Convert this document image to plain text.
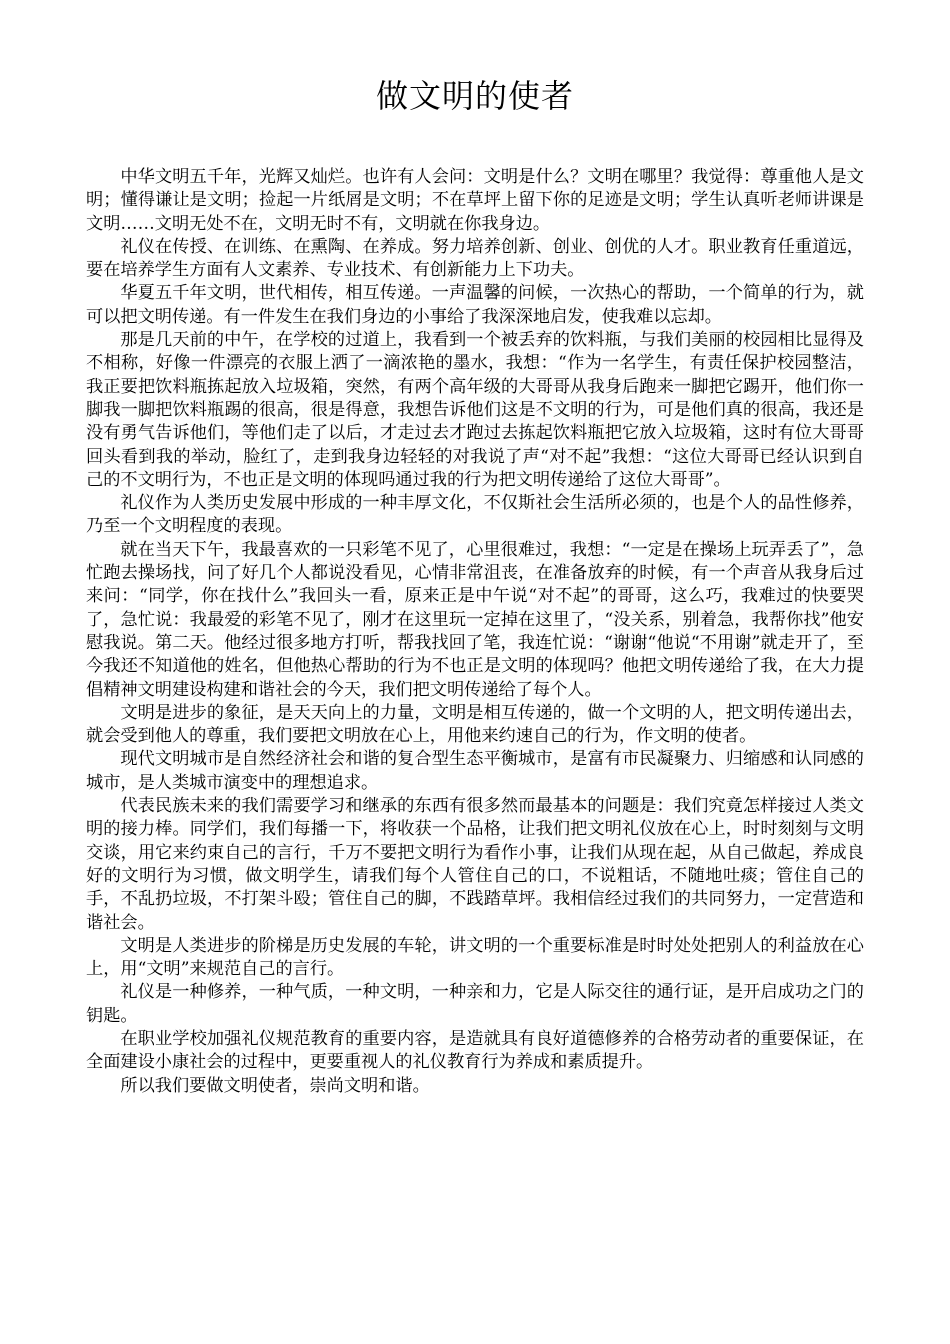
做文明的使者

中华文明五千年，光辉又灿烂。也许有人会问：文明是什么？文明在哪里？我觉得：尊重他人是文明；懂得谦让是文明；捡起一片纸屑是文明；不在草坪上留下你的足迹是文明；学生认真听老师讲课是文明……文明无处不在，文明无时不有，文明就在你我身边。

礼仪在传授、在训练、在熏陶、在养成。努力培养创新、创业、创优的人才。职业教育任重道远，要在培养学生方面有人文素养、专业技术、有创新能力上下功夫。

华夏五千年文明，世代相传，相互传递。一声温馨的问候，一次热心的帮助，一个简单的行为，就可以把文明传递。有一件发生在我们身边的小事给了我深深地启发，使我难以忘却。

那是几天前的中午，在学校的过道上，我看到一个被丢弃的饮料瓶，与我们美丽的校园相比显得及不相称，好像一件漂亮的衣服上洒了一滴浓艳的墨水，我想：“作为一名学生，有责任保护校园整洁，我正要把饮料瓶拣起放入垃圾箱，突然，有两个高年级的大哥哥从我身后跑来一脚把它踢开，他们你一脚我一脚把饮料瓶踢的很高，很是得意，我想告诉他们这是不文明的行为，可是他们真的很高，我还是没有勇气告诉他们，等他们走了以后，才走过去才跑过去拣起饮料瓶把它放入垃圾箱，这时有位大哥哥回头看到我的举动，脸红了，走到我身边轻轻的对我说了声“对不起”我想：“这位大哥哥已经认识到自己的不文明行为，不也正是文明的体现吗通过我的行为把文明传递给了这位大哥哥”。

礼仪作为人类历史发展中形成的一种丰厚文化，不仅斯社会生活所必须的，也是个人的品性修养，乃至一个文明程度的表现。

就在当天下午，我最喜欢的一只彩笔不见了，心里很难过，我想：“一定是在操场上玩弄丢了”，急忙跑去操场找，问了好几个人都说没看见，心情非常沮丧，在准备放弃的时候，有一个声音从我身后过来问：“同学，你在找什么”我回头一看，原来正是中午说“对不起”的哥哥，这么巧，我难过的快要哭了，急忙说：我最爱的彩笔不见了，刚才在这里玩一定掉在这里了，“没关系，别着急，我帮你找”他安慰我说。第二天。他经过很多地方打听，帮我找回了笔，我连忙说：“谢谢“他说“不用谢”就走开了，至今我还不知道他的姓名，但他热心帮助的行为不也正是文明的体现吗？他把文明传递给了我，在大力提倡精神文明建设构建和谐社会的今天，我们把文明传递给了每个人。

文明是进步的象征，是天天向上的力量，文明是相互传递的，做一个文明的人，把文明传递出去，就会受到他人的尊重，我们要把文明放在心上，用他来约速自己的行为，作文明的使者。

现代文明城市是自然经济社会和谐的复合型生态平衡城市，是富有市民凝聚力、归缩感和认同感的城市，是人类城市演变中的理想追求。

代表民族未来的我们需要学习和继承的东西有很多然而最基本的问题是：我们究竟怎样接过人类文明的接力棒。同学们，我们每播一下，将收获一个品格，让我们把文明礼仪放在心上，时时刻刻与文明交谈，用它来约束自己的言行，千万不要把文明行为看作小事，让我们从现在起，从自己做起，养成良好的文明行为习惯，做文明学生，请我们每个人管住自己的口，不说粗话，不随地吐痰；管住自己的手，不乱扔垃圾，不打架斗殴；管住自己的脚，不践踏草坪。我相信经过我们的共同努力，一定营造和谐社会。

文明是人类进步的阶梯是历史发展的车轮，讲文明的一个重要标准是时时处处把别人的利益放在心上，用“文明”来规范自己的言行。

礼仪是一种修养，一种气质，一种文明，一种亲和力，它是人际交往的通行证，是开启成功之门的钥匙。

在职业学校加强礼仪规范教育的重要内容，是造就具有良好道德修养的合格劳动者的重要保证，在全面建设小康社会的过程中，更要重视人的礼仪教育行为养成和素质提升。

所以我们要做文明使者，崇尚文明和谐。
